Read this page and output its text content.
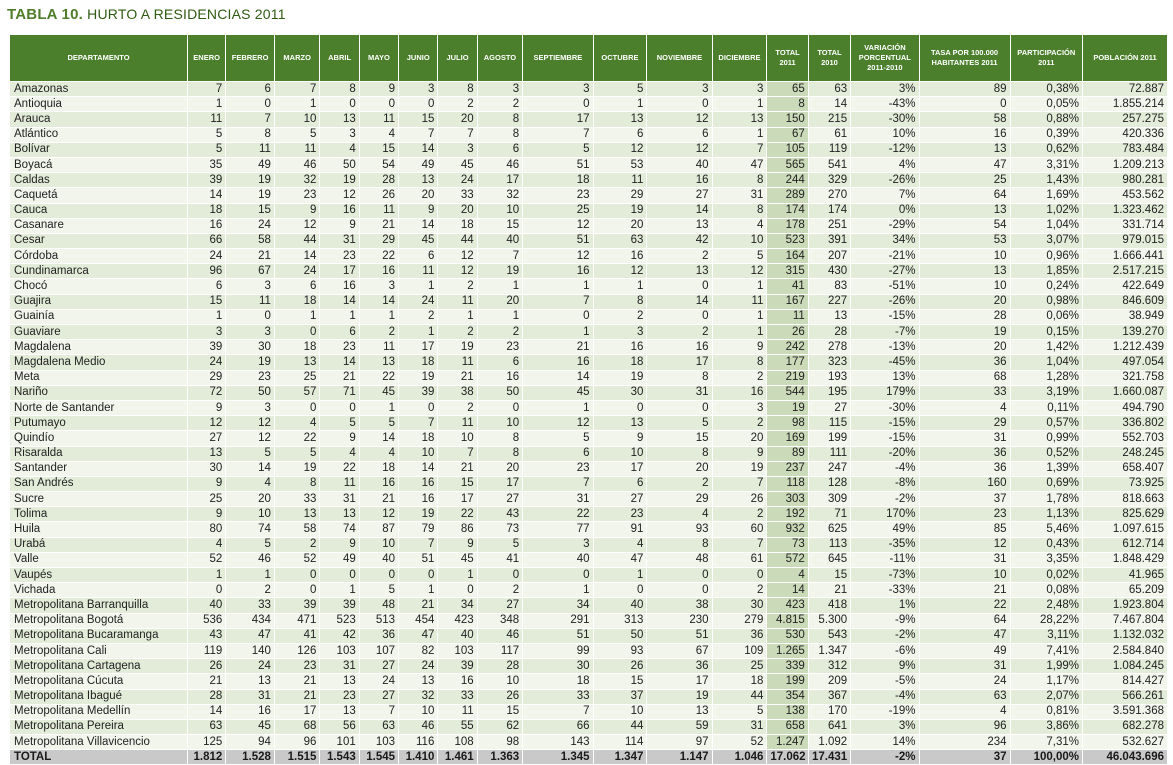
TABLA 10. HURTO A RESIDENCIAS 2011
DEPARTAMENTO	ENERO	FEBRERO	MARZO	ABRIL	MAYO	JUNIO	JULIO	AGOSTO	SEPTIEMBRE	OCTUBRE	NOVIEMBRE	DICIEMBRE	TOTAL 2011	TOTAL 2010	VARIACIÓN PORCENTUAL 2011-2010	TASA POR 100.000 HABITANTES 2011	PARTICIPACIÓN 2011	POBLACIÓN 2011
Amazonas	7	6	7	8	9	3	8	3	3	5	3	3	65	63	3%	89	0,38%	72.887
Antioquia	1	0	1	0	0	0	2	2	0	1	0	1	8	14	-43%	0	0,05%	1.855.214
Arauca	11	7	10	13	11	15	20	8	17	13	12	13	150	215	-30%	58	0,88%	257.275
Atlántico	5	8	5	3	4	7	7	8	7	6	6	1	67	61	10%	16	0,39%	420.336
Bolívar	5	11	11	4	15	14	3	6	5	12	12	7	105	119	-12%	13	0,62%	783.484
Boyacá	35	49	46	50	54	49	45	46	51	53	40	47	565	541	4%	47	3,31%	1.209.213
Caldas	39	19	32	19	28	13	24	17	18	11	16	8	244	329	-26%	25	1,43%	980.281
Caquetá	14	19	23	12	26	20	33	32	23	29	27	31	289	270	7%	64	1,69%	453.562
Cauca	18	15	9	16	11	9	20	10	25	19	14	8	174	174	0%	13	1,02%	1.323.462
Casanare	16	24	12	9	21	14	18	15	12	20	13	4	178	251	-29%	54	1,04%	331.714
Cesar	66	58	44	31	29	45	44	40	51	63	42	10	523	391	34%	53	3,07%	979.015
Córdoba	24	21	14	23	22	6	12	7	12	16	2	5	164	207	-21%	10	0,96%	1.666.441
Cundinamarca	96	67	24	17	16	11	12	19	16	12	13	12	315	430	-27%	13	1,85%	2.517.215
Chocó	6	3	6	16	3	1	2	1	1	1	0	1	41	83	-51%	10	0,24%	422.649
Guajira	15	11	18	14	14	24	11	20	7	8	14	11	167	227	-26%	20	0,98%	846.609
Guainía	1	0	1	1	1	2	1	1	0	2	0	1	11	13	-15%	28	0,06%	38.949
Guaviare	3	3	0	6	2	1	2	2	1	3	2	1	26	28	-7%	19	0,15%	139.270
Magdalena	39	30	18	23	11	17	19	23	21	16	16	9	242	278	-13%	20	1,42%	1.212.439
Magdalena Medio	24	19	13	14	13	18	11	6	16	18	17	8	177	323	-45%	36	1,04%	497.054
Meta	29	23	25	21	22	19	21	16	14	19	8	2	219	193	13%	68	1,28%	321.758
Nariño	72	50	57	71	45	39	38	50	45	30	31	16	544	195	179%	33	3,19%	1.660.087
Norte de Santander	9	3	0	0	1	0	2	0	1	0	0	3	19	27	-30%	4	0,11%	494.790
Putumayo	12	12	4	5	5	7	11	10	12	13	5	2	98	115	-15%	29	0,57%	336.802
Quindío	27	12	22	9	14	18	10	8	5	9	15	20	169	199	-15%	31	0,99%	552.703
Risaralda	13	5	5	4	4	10	7	8	6	10	8	9	89	111	-20%	36	0,52%	248.245
Santander	30	14	19	22	18	14	21	20	23	17	20	19	237	247	-4%	36	1,39%	658.407
San Andrés	9	4	8	11	16	16	15	17	7	6	2	7	118	128	-8%	160	0,69%	73.925
Sucre	25	20	33	31	21	16	17	27	31	27	29	26	303	309	-2%	37	1,78%	818.663
Tolima	9	10	13	13	12	19	22	43	22	23	4	2	192	71	170%	23	1,13%	825.629
Huila	80	74	58	74	87	79	86	73	77	91	93	60	932	625	49%	85	5,46%	1.097.615
Urabá	4	5	2	9	10	7	9	5	3	4	8	7	73	113	-35%	12	0,43%	612.714
Valle	52	46	52	49	40	51	45	41	40	47	48	61	572	645	-11%	31	3,35%	1.848.429
Vaupés	1	1	0	0	0	0	1	0	0	1	0	0	4	15	-73%	10	0,02%	41.965
Vichada	0	2	0	1	5	1	0	2	1	0	0	2	14	21	-33%	21	0,08%	65.209
Metropolitana Barranquilla	40	33	39	39	48	21	34	27	34	40	38	30	423	418	1%	22	2,48%	1.923.804
Metropolitana Bogotá	536	434	471	523	513	454	423	348	291	313	230	279	4.815	5.300	-9%	64	28,22%	7.467.804
Metropolitana Bucaramanga	43	47	41	42	36	47	40	46	51	50	51	36	530	543	-2%	47	3,11%	1.132.032
Metropolitana Cali	119	140	126	103	107	82	103	117	99	93	67	109	1.265	1.347	-6%	49	7,41%	2.584.840
Metropolitana Cartagena	26	24	23	31	27	24	39	28	30	26	36	25	339	312	9%	31	1,99%	1.084.245
Metropolitana Cúcuta	21	13	21	13	24	13	16	10	18	15	17	18	199	209	-5%	24	1,17%	814.427
Metropolitana Ibagué	28	31	21	23	27	32	33	26	33	37	19	44	354	367	-4%	63	2,07%	566.261
Metropolitana Medellín	14	16	17	13	7	10	11	15	7	10	13	5	138	170	-19%	4	0,81%	3.591.368
Metropolitana Pereira	63	45	68	56	63	46	55	62	66	44	59	31	658	641	3%	96	3,86%	682.278
Metropolitana Villavicencio	125	94	96	101	103	116	108	98	143	114	97	52	1.247	1.092	14%	234	7,31%	532.627
TOTAL	1.812	1.528	1.515	1.543	1.545	1.410	1.461	1.363	1.345	1.347	1.147	1.046	17.062	17.431	-2%	37	100,00%	46.043.696
